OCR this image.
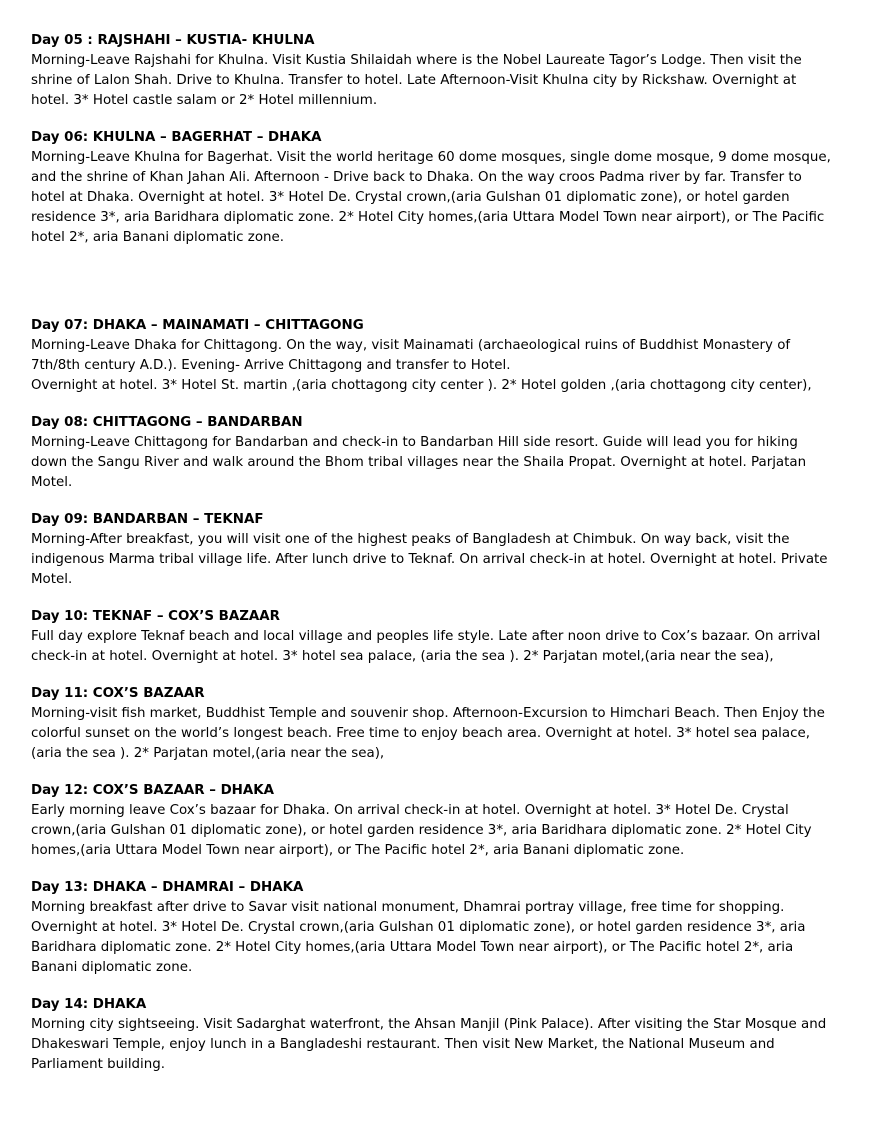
Day 05 : RAJSHAHI – KUSTIA- KHULNA

Morning-Leave Rajshahi for Khulna. Visit Kustia Shilaidah where is the Nobel Laureate Tagor’s Lodge. Then visit the shrine of Lalon Shah. Drive to Khulna. Transfer to hotel. Late Afternoon-Visit Khulna city by Rickshaw. Overnight at hotel. 3* Hotel castle salam or 2* Hotel millennium.

Day 06: KHULNA – BAGERHAT – DHAKA

Morning-Leave Khulna for Bagerhat. Visit the world heritage 60 dome mosques, single dome mosque, 9 dome mosque, and the shrine of Khan Jahan Ali. Afternoon - Drive back to Dhaka. On the way croos Padma river by far. Transfer to hotel at Dhaka. Overnight at hotel. 3* Hotel De. Crystal crown,(aria Gulshan 01 diplomatic zone), or hotel garden residence 3*, aria Baridhara diplomatic zone. 2* Hotel City homes,(aria Uttara Model Town near airport), or The Pacific hotel 2*, aria Banani diplomatic zone.

Day 07: DHAKA – MAINAMATI – CHITTAGONG

Morning-Leave Dhaka for Chittagong. On the way, visit Mainamati (archaeological ruins of Buddhist Monastery of 7th/8th century A.D.). Evening- Arrive Chittagong and transfer to Hotel.

Overnight at hotel. 3* Hotel St. martin ,(aria chottagong city center ). 2* Hotel golden ,(aria chottagong city center),

Day 08: CHITTAGONG – BANDARBAN

Morning-Leave Chittagong for Bandarban and check-in to Bandarban Hill side resort. Guide will lead you for hiking down the Sangu River and walk around the Bhom tribal villages near the Shaila Propat. Overnight at hotel. Parjatan Motel.

Day 09: BANDARBAN – TEKNAF

Morning-After breakfast, you will visit one of the highest peaks of Bangladesh at Chimbuk. On way back, visit the indigenous Marma tribal village life. After lunch drive to Teknaf. On arrival check-in at hotel. Overnight at hotel. Private Motel.

Day 10: TEKNAF – COX’S BAZAAR

Full day explore Teknaf beach and local village and peoples life style. Late after noon drive to Cox’s bazaar. On arrival check-in at hotel. Overnight at hotel. 3* hotel sea palace, (aria the sea ). 2* Parjatan motel,(aria near the sea),

Day 11: COX’S BAZAAR

Morning-visit fish market, Buddhist Temple and souvenir shop. Afternoon-Excursion to Himchari Beach. Then Enjoy the colorful sunset on the world’s longest beach. Free time to enjoy beach area. Overnight at hotel. 3* hotel sea palace, (aria the sea ). 2* Parjatan motel,(aria near the sea),

Day 12: COX’S BAZAAR – DHAKA

Early morning leave Cox’s bazaar for Dhaka. On arrival check-in at hotel. Overnight at hotel. 3* Hotel De. Crystal crown,(aria Gulshan 01 diplomatic zone), or hotel garden residence 3*, aria Baridhara diplomatic zone. 2* Hotel City homes,(aria Uttara Model Town near airport), or The Pacific hotel 2*, aria Banani diplomatic zone.

Day 13: DHAKA – DHAMRAI – DHAKA

Morning breakfast after drive to Savar visit national monument, Dhamrai portray village, free time for shopping. Overnight at hotel. 3* Hotel De. Crystal crown,(aria Gulshan 01 diplomatic zone), or hotel garden residence 3*, aria Baridhara diplomatic zone. 2* Hotel City homes,(aria Uttara Model Town near airport), or The Pacific hotel 2*, aria Banani diplomatic zone.

Day 14: DHAKA

Morning city sightseeing. Visit Sadarghat waterfront, the Ahsan Manjil (Pink Palace). After visiting the Star Mosque and Dhakeswari Temple, enjoy lunch in a Bangladeshi restaurant. Then visit New Market, the National Museum and Parliament building.
